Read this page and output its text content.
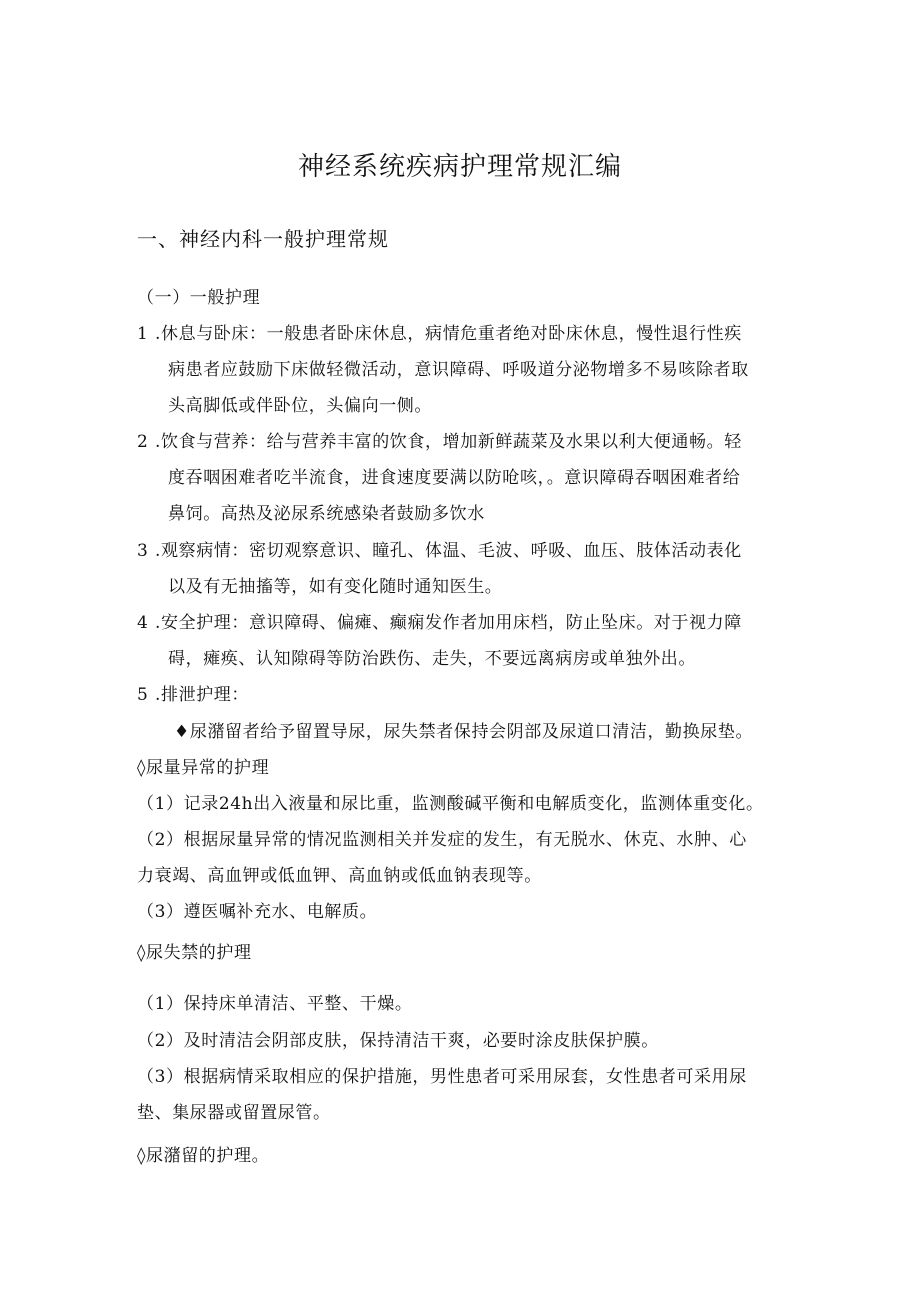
神经系统疾病护理常规汇编
一、神经内科一般护理常规
（一）一般护理
1 .休息与卧床：一般患者卧床休息，病情危重者绝对卧床休息，慢性退行性疾
病患者应鼓励下床做轻微活动，意识障碍、呼吸道分泌物增多不易咳除者取
头高脚低或伴卧位，头偏向一侧。
2 .饮食与营养：给与营养丰富的饮食，增加新鲜蔬菜及水果以利大便通畅。轻
度吞咽困难者吃半流食，进食速度要满以防呛咳，。意识障碍吞咽困难者给
鼻饲。高热及泌尿系统感染者鼓励多饮水
3 .观察病情：密切观察意识、瞳孔、体温、毛波、呼吸、血压、肢体活动表化
以及有无抽搐等，如有变化随时通知医生。
4 .安全护理：意识障碍、偏瘫、癫痫发作者加用床档，防止坠床。对于视力障
碍，瘫痪、认知隙碍等防治跌伤、走失，不要远离病房或单独外出。
5 .排泄护理：
♦尿潴留者给予留置导尿，尿失禁者保持会阴部及尿道口清洁，勤换尿垫。
◊尿量异常的护理
（1）记录24h出入液量和尿比重，监测酸碱平衡和电解质变化，监测体重变化。
（2）根据尿量异常的情况监测相关并发症的发生，有无脱水、休克、水肿、心
力衰竭、高血钾或低血钾、高血钠或低血钠表现等。
（3）遵医嘱补充水、电解质。
◊尿失禁的护理
（1）保持床单清洁、平整、干燥。
（2）及时清洁会阴部皮肤，保持清洁干爽，必要时涂皮肤保护膜。
（3）根据病情采取相应的保护措施，男性患者可采用尿套，女性患者可采用尿
垫、集尿器或留置尿管。
◊尿潴留的护理。
